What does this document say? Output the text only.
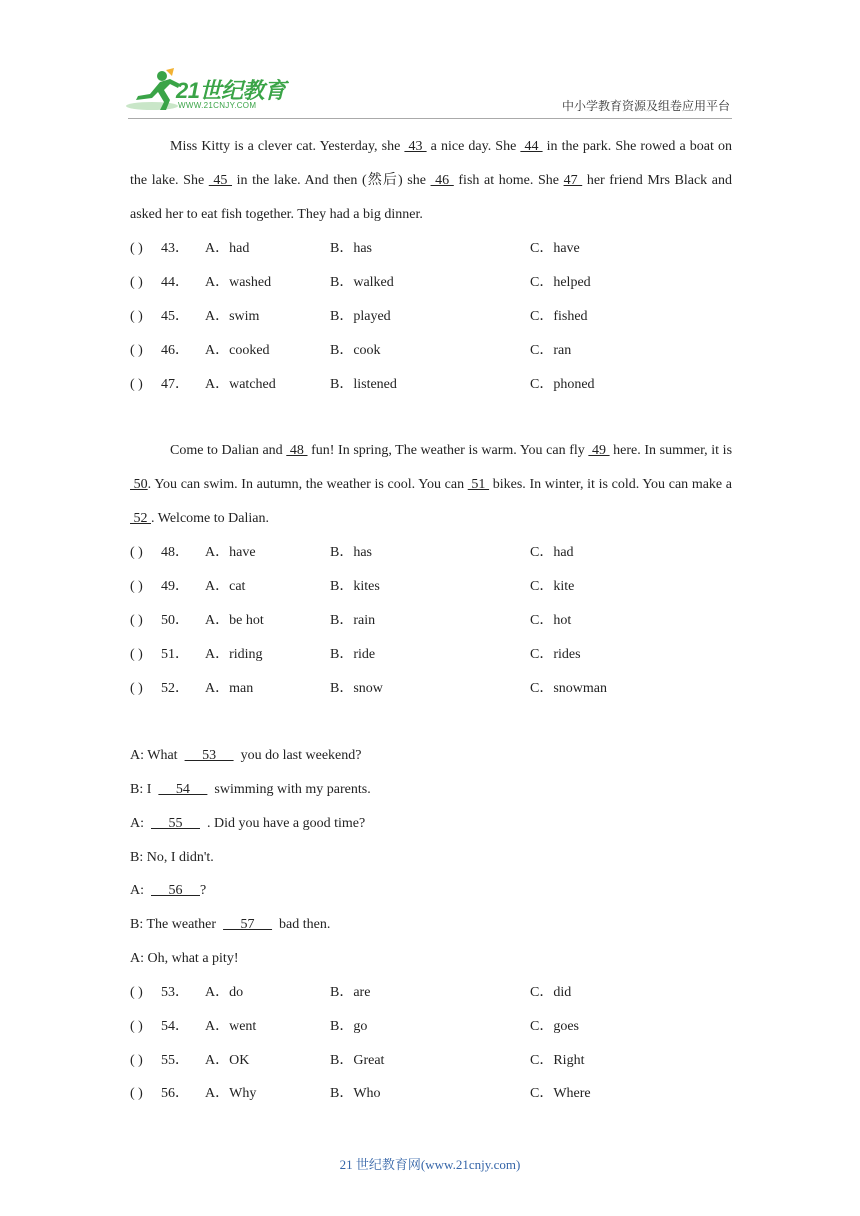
21世纪教育
WWW.21CNJY.COM	中小学教育资源及组卷应用平台

Miss Kitty is a clever cat. Yesterday, she  43  a nice day. She  44  in the park. She rowed a boat on the lake. She  45  in the lake. And then (然后) she  46  fish at home. She 47  her friend Mrs Black and asked her to eat fish together. They had a big dinner.

( ) 43． A．had	B．has	C．have
( ) 44． A．washed	B．walked	C．helped
( ) 45． A．swim	B．played	C．fished
( ) 46． A．cooked	B．cook	C．ran
( ) 47． A．watched	B．listened	C．phoned

Come to Dalian and  48  fun! In spring, The weather is warm. You can fly  49  here. In summer, it is  50. You can swim. In autumn, the weather is cool. You can  51  bikes. In winter, it is cold. You can make a  52 . Welcome to Dalian.

( ) 48． A．have	B．has	C．had
( ) 49． A．cat	B．kites	C．kite
( ) 50． A．be hot	B．rain	C．hot
( ) 51． A．riding	B．ride	C．rides
( ) 52． A．man	B．snow	C．snowman
A: What       53       you do last weekend?
B: I       54       swimming with my parents.
A:       55       . Did you have a good time?
B: No, I didn't.
A:       56     ?
B: The weather       57       bad then.
A: Oh, what a pity!
( ) 53． A．do	B．are	C．did
( ) 54． A．went	B．go	C．goes
( ) 55． A．OK	B．Great	C．Right
( ) 56． A．Why	B．Who	C．Where
21 世纪教育网(www.21cnjy.com)
